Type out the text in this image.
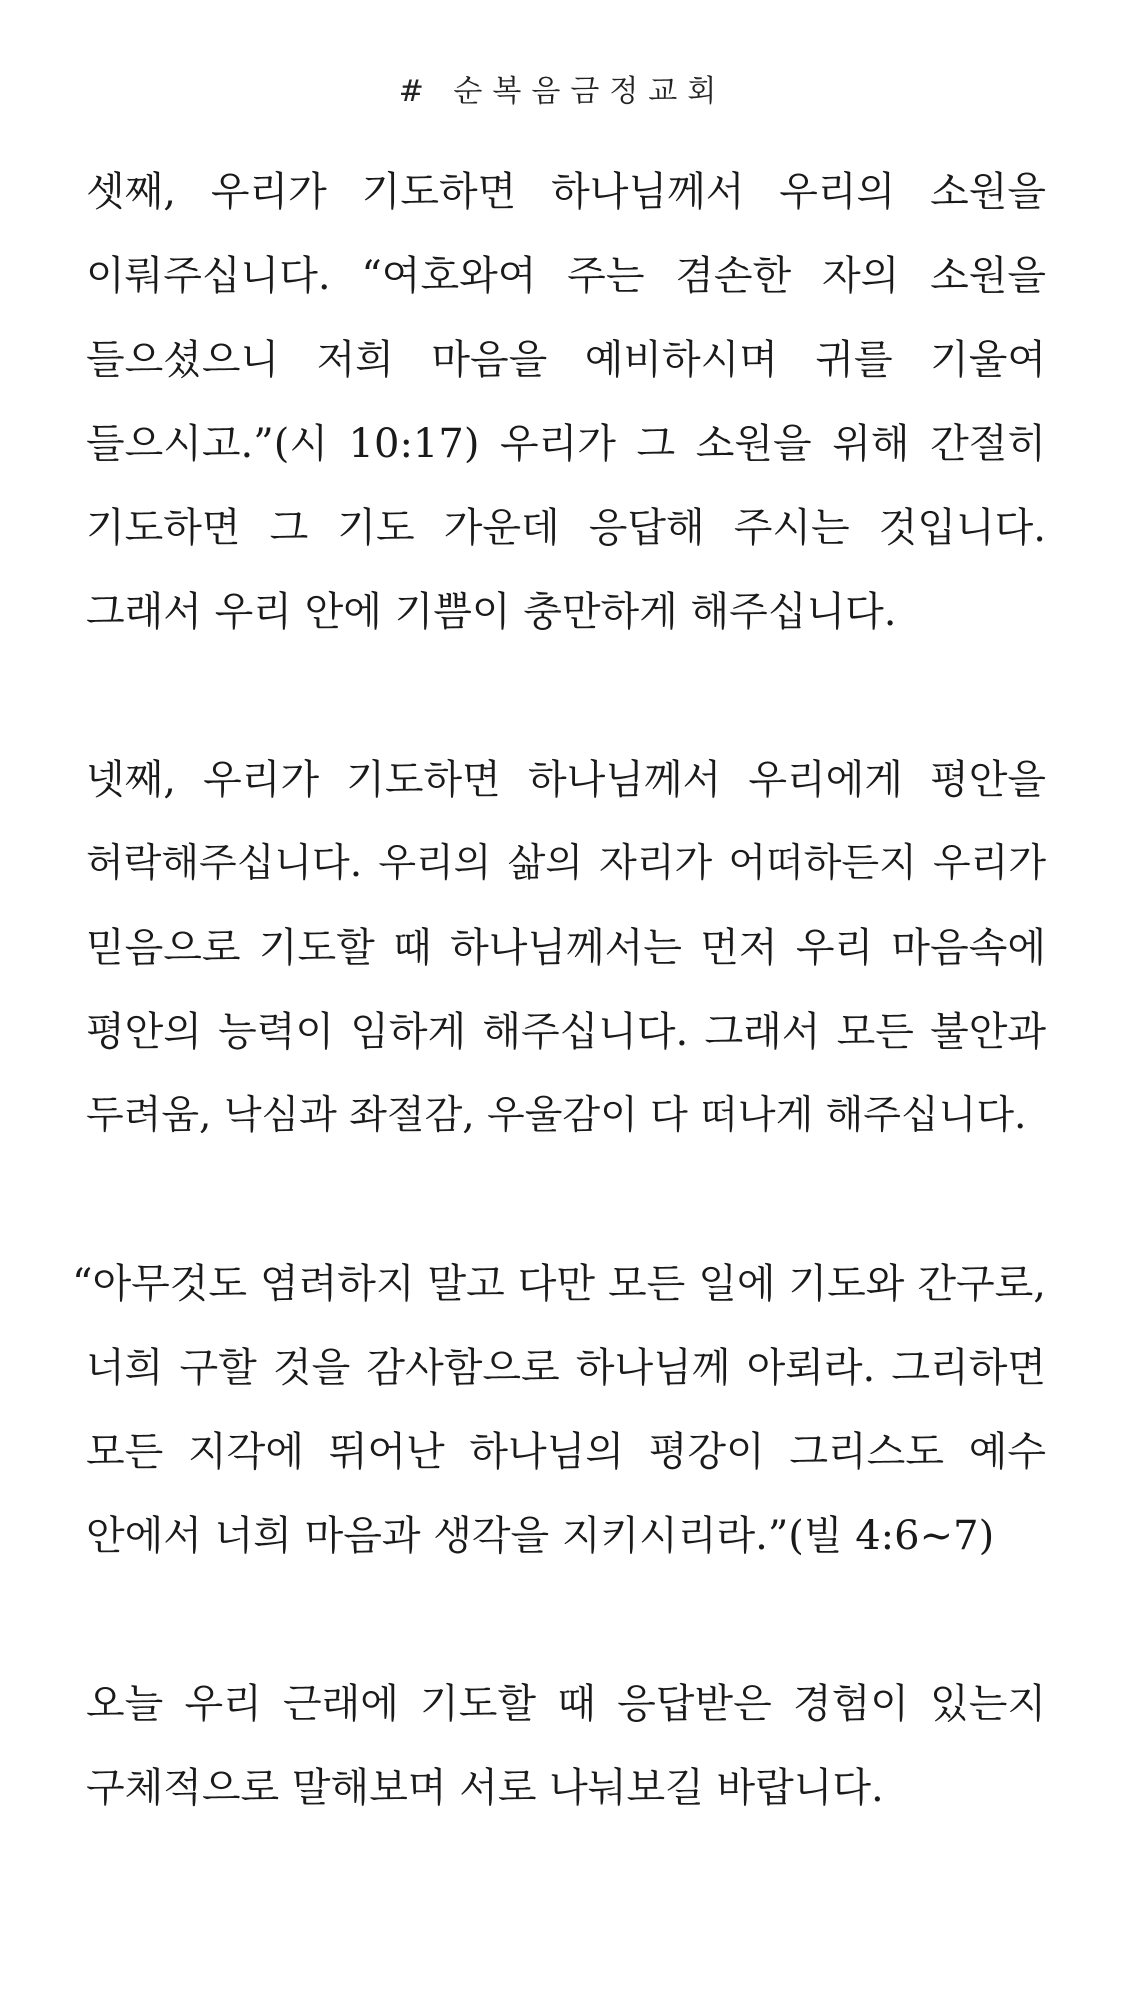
# 순복음금정교회
셋째, 우리가 기도하면 하나님께서 우리의 소원을
이뤄주십니다. “여호와여 주는 겸손한 자의 소원을
들으셨으니 저희 마음을 예비하시며 귀를 기울여
들으시고.”(시 10:17) 우리가 그 소원을 위해 간절히
기도하면 그 기도 가운데 응답해 주시는 것입니다.
그래서 우리 안에 기쁨이 충만하게 해주십니다.
넷째, 우리가 기도하면 하나님께서 우리에게 평안을
허락해주십니다. 우리의 삶의 자리가 어떠하든지 우리가
믿음으로 기도할 때 하나님께서는 먼저 우리 마음속에
평안의 능력이 임하게 해주십니다. 그래서 모든 불안과
두려움, 낙심과 좌절감, 우울감이 다 떠나게 해주십니다.
“아무것도 염려하지 말고 다만 모든 일에 기도와 간구로,
너희 구할 것을 감사함으로 하나님께 아뢰라. 그리하면
모든 지각에 뛰어난 하나님의 평강이 그리스도 예수
안에서 너희 마음과 생각을 지키시리라.”(빌 4:6~7)
오늘 우리 근래에 기도할 때 응답받은 경험이 있는지
구체적으로 말해보며 서로 나눠보길 바랍니다.
